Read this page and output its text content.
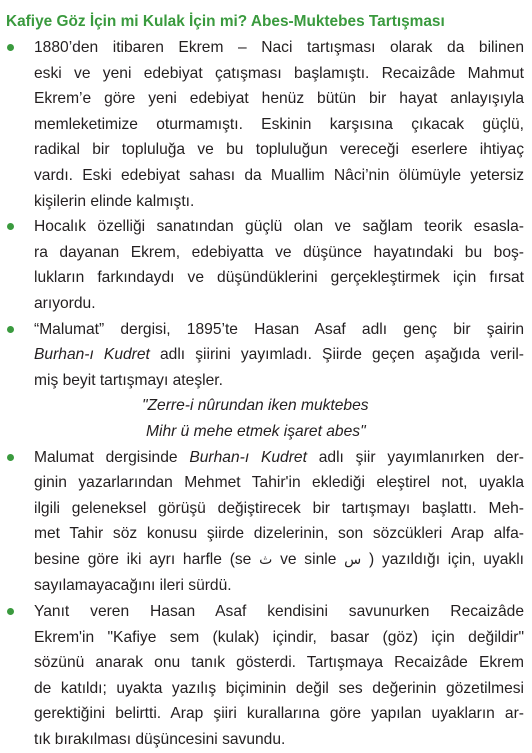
Kafiye Göz İçin mi Kulak İçin mi? Abes-Muktebes Tartışması
1880’den itibaren Ekrem – Naci tartışması olarak da bilinen
eski ve yeni edebiyat çatışması başlamıştı. Recaizâde Mahmut
Ekrem’e göre yeni edebiyat henüz bütün bir hayat anlayışıyla
memleketimize oturmamıştı. Eskinin karşısına çıkacak güçlü,
radikal bir topluluğa ve bu topluluğun vereceği eserlere ihtiyaç
vardı. Eski edebiyat sahası da Muallim Nâci’nin ölümüyle yetersiz
kişilerin elinde kalmıştı.
Hocalık özelliği sanatından güçlü olan ve sağlam teorik esasla-
ra dayanan Ekrem, edebiyatta ve düşünce hayatındaki bu boş-
lukların farkındaydı ve düşündüklerini gerçekleştirmek için fırsat
arıyordu.
“Malumat” dergisi, 1895’te Hasan Asaf adlı genç bir şairin
Burhan-ı Kudret adlı şiirini yayımladı. Şiirde geçen aşağıda veril-
miş beyit tartışmayı ateşler.
"Zerre-i nûrundan iken muktebes
Mihr ü mehe etmek işaret abes"
Malumat dergisinde Burhan-ı Kudret adlı şiir yayımlanırken der-
ginin yazarlarından Mehmet Tahir'in eklediği eleştirel not, uyakla
ilgili geleneksel görüşü değiştirecek bir tartışmayı başlattı. Meh-
met Tahir söz konusu şiirde dizelerinin, son sözcükleri Arap alfa-
besine göre iki ayrı harfle (se ث ve sinle س ) yazıldığı için, uyaklı
sayılamayacağını ileri sürdü.
Yanıt veren Hasan Asaf kendisini savunurken Recaizâde
Ekrem'in "Kafiye sem (kulak) içindir, basar (göz) için değildir"
sözünü anarak onu tanık gösterdi. Tartışmaya Recaizâde Ekrem
de katıldı; uyakta yazılış biçiminin değil ses değerinin gözetilmesi
gerektiğini belirtti. Arap şiiri kurallarına göre yapılan uyakların ar-
tık bırakılması düşüncesini savundu.
